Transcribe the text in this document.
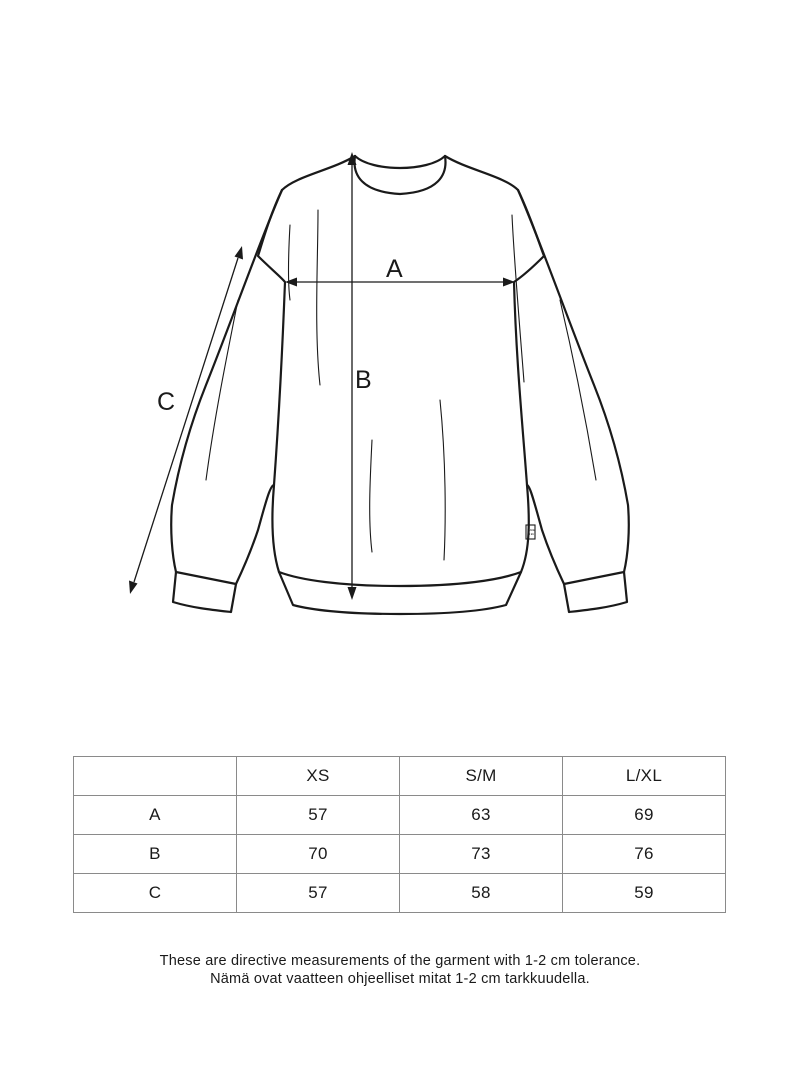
MADE
IN EU
A
B
C
	XS	S/M	L/XL
A	57	63	69
B	70	73	76
C	57	58	59
These are directive measurements of the garment with 1-2 cm tolerance.
Nämä ovat vaatteen ohjeelliset mitat 1-2 cm tarkkuudella.
